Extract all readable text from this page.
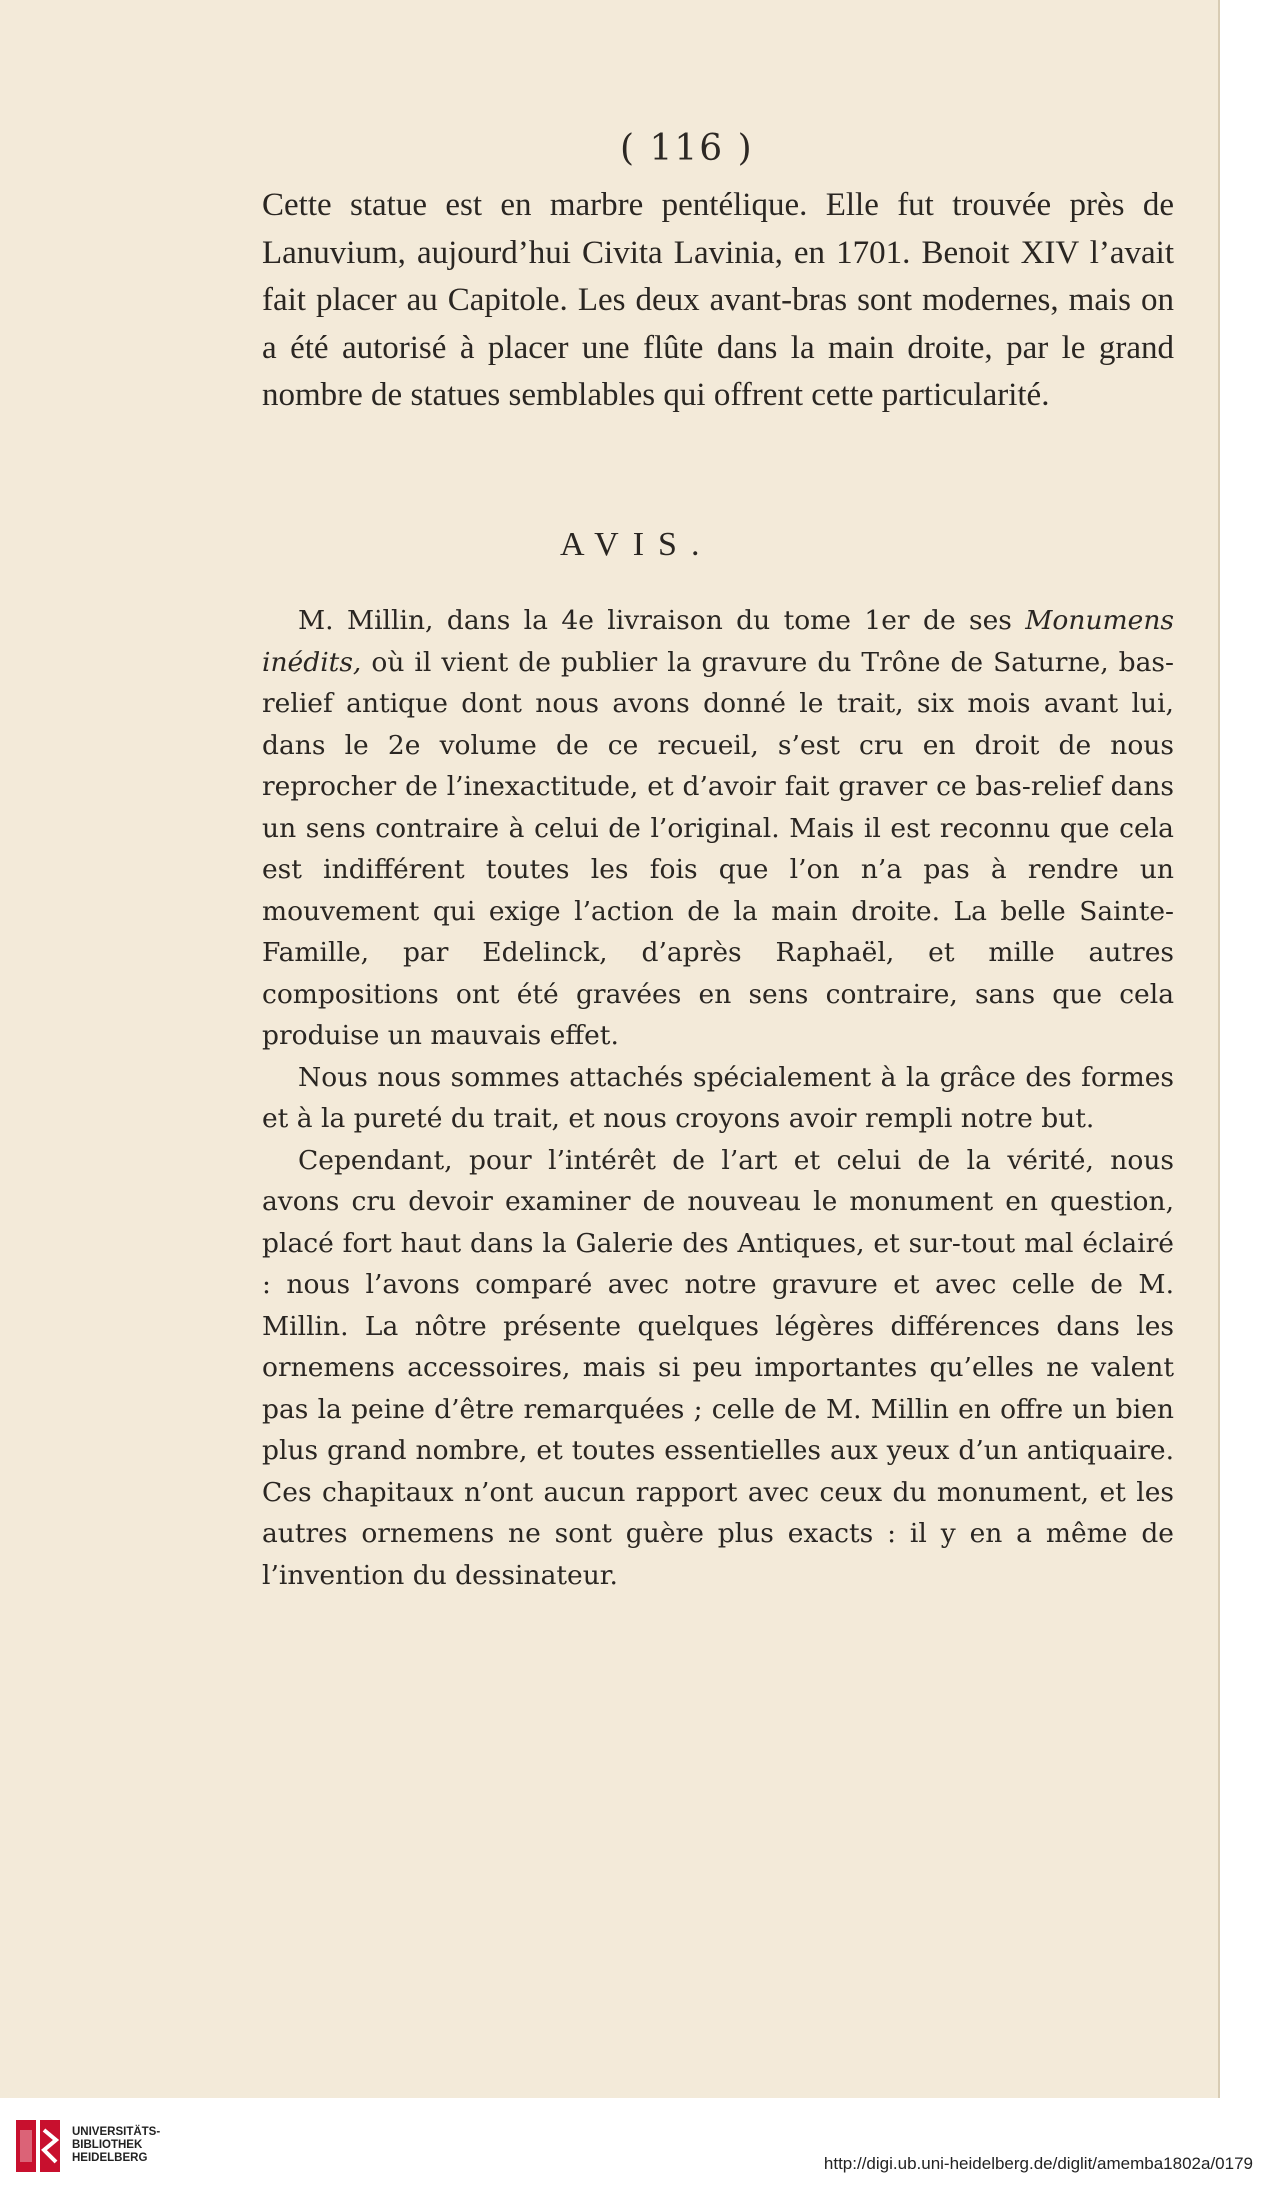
( 116 )

Cette statue est en marbre pentélique. Elle fut trouvée près de Lanuvium, aujourd’hui Civita Lavinia, en 1701. Benoit XIV l’avait fait placer au Capitole. Les deux avant-bras sont modernes, mais on a été autorisé à placer une flûte dans la main droite, par le grand nombre de statues semblables qui offrent cette particularité.

AVIS.

M. Millin, dans la 4e livraison du tome 1er de ses Monumens inédits, où il vient de publier la gravure du Trône de Saturne, bas-relief antique dont nous avons donné le trait, six mois avant lui, dans le 2e volume de ce recueil, s’est cru en droit de nous reprocher de l’inexactitude, et d’avoir fait graver ce bas-relief dans un sens contraire à celui de l’original. Mais il est reconnu que cela est indifférent toutes les fois que l’on n’a pas à rendre un mouvement qui exige l’action de la main droite. La belle Sainte-Famille, par Edelinck, d’après Raphaël, et mille autres compositions ont été gravées en sens contraire, sans que cela produise un mauvais effet.

Nous nous sommes attachés spécialement à la grâce des formes et à la pureté du trait, et nous croyons avoir rempli notre but.

Cependant, pour l’intérêt de l’art et celui de la vérité, nous avons cru devoir examiner de nouveau le monument en question, placé fort haut dans la Galerie des Antiques, et sur-tout mal éclairé : nous l’avons comparé avec notre gravure et avec celle de M. Millin. La nôtre présente quelques légères différences dans les ornemens accessoires, mais si peu importantes qu’elles ne valent pas la peine d’être remarquées ; celle de M. Millin en offre un bien plus grand nombre, et toutes essentielles aux yeux d’un antiquaire. Ces chapitaux n’ont aucun rapport avec ceux du monument, et les autres ornemens ne sont guère plus exacts : il y en a même de l’invention du dessinateur.

UNIVERSITÄTS-
BIBLIOTHEK
HEIDELBERG	http://digi.ub.uni-heidelberg.de/diglit/amemba1802a/0179
